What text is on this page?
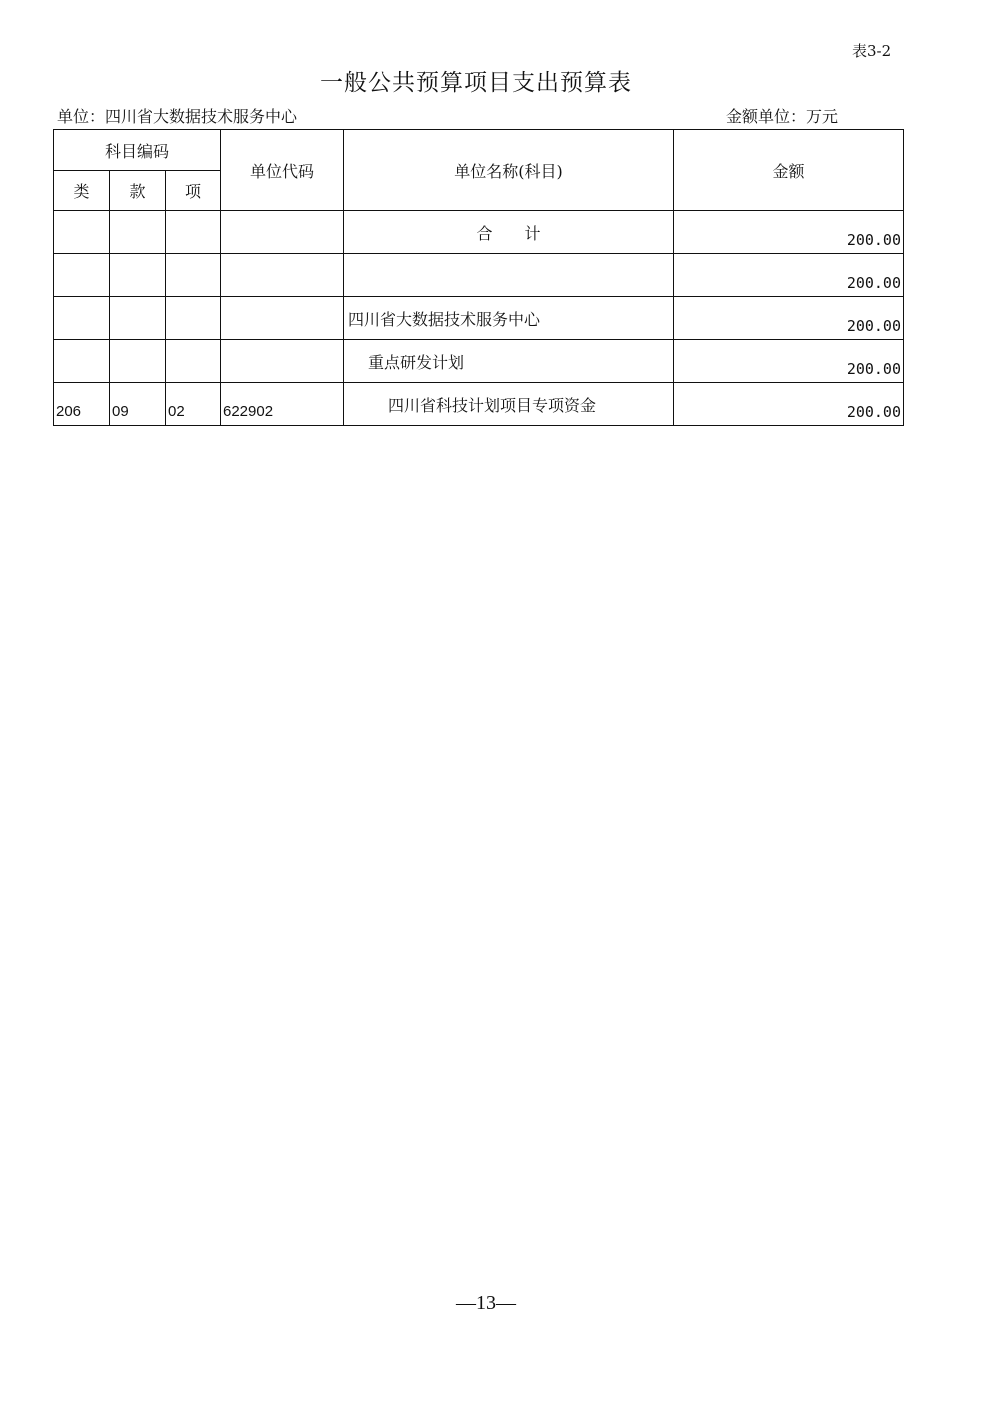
表3-2
一般公共预算项目支出预算表
单位：四川省大数据技术服务中心	金额单位：万元
科目编码			单位代码	单位名称(科目)	金额
类	款	项			
				合　　计	200.00
					200.00
				四川省大数据技术服务中心	200.00
				重点研发计划	200.00
206	09	02	622902	四川省科技计划项目专项资金	200.00
—13—
